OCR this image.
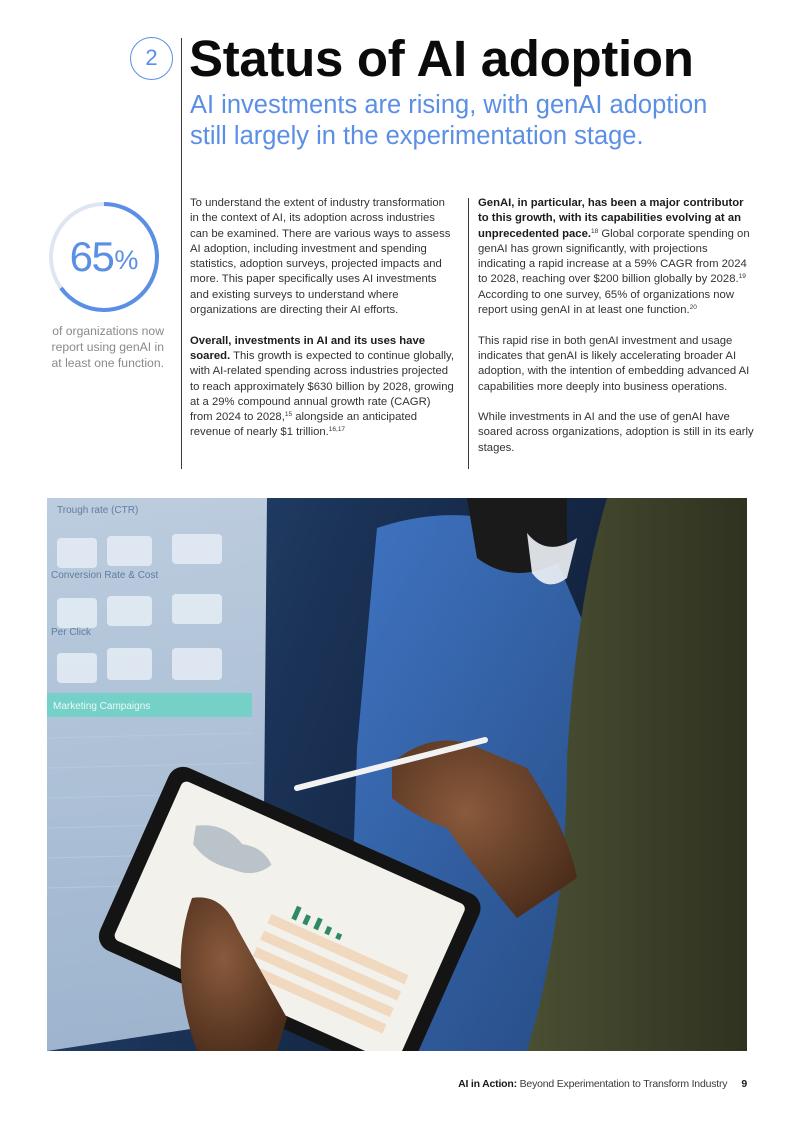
2 Status of AI adoption
AI investments are rising, with genAI adoption still largely in the experimentation stage.
65 %
of organizations now report using genAI in at least one function.

To understand the extent of industry transformation in the context of AI, its adoption across industries can be examined. There are various ways to assess AI adoption, including investment and spending statistics, adoption surveys, projected impacts and more. This paper specifically uses AI investments and existing surveys to understand where organizations are directing their AI efforts.

Overall, investments in AI and its uses have soared. This growth is expected to continue globally, with AI-related spending across industries projected to reach approximately $630 billion by 2028, growing at a 29% compound annual growth rate (CAGR) from 2024 to 2028,15 alongside an anticipated revenue of nearly $1 trillion.$^{16,17}$

GenAI, in particular, has been a major contributor to this growth, with its capabilities evolving at an unprecedented pace.$^{18}$ Global corporate spending on genAI has grown significantly, with projections indicating a rapid increase at a 59% CAGR from 2024 to 2028, reaching over $200 billion globally by 2028.19 According to one survey, 65% of organizations now report using genAI in at least one function.$^{20}$

This rapid rise in both genAI investment and usage indicates that genAI is likely accelerating broader AI adoption, with the intention of embedding advanced AI capabilities more deeply into business operations.

While investments in AI and the use of genAI have soared across organizations, adoption is still in its early stages.

Trough rate (CTR)
Conversion Rate & Cost
Per Click
Marketing Campaigns
AI in Action: Beyond Experimentation to Transform Industry 9
